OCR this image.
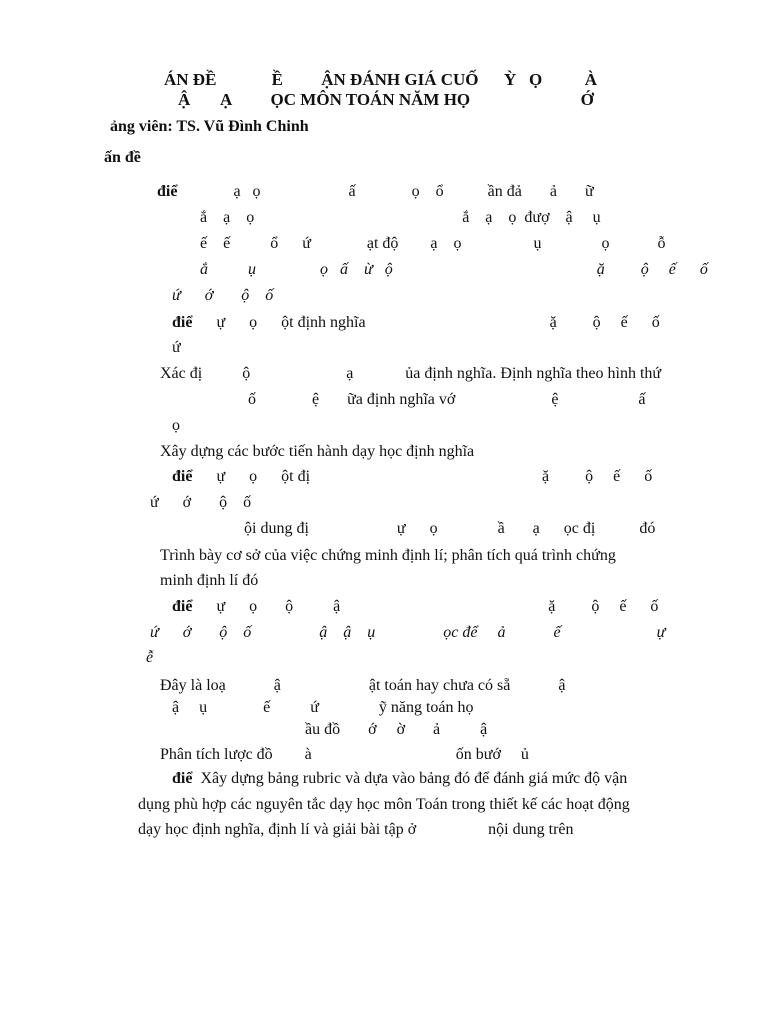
ÁN ĐỀ             Ề         ẬN ĐÁNH GIÁ CUỐ      Ỳ   Ọ          À
Ậ       Ạ         ỌC MÔN TOÁN NĂM HỌ                          Ớ
ảng viên: TS. Vũ Đình Chinh
ấn đề
điể              ạ   ọ                      ấ              ọ    ổ           ần đả       ả       ữ
ắ    ạ    ọ                                                    ắ    ạ    ọ  đượ    ậ     ụ
ế    ế          ổ      ứ              ạt độ        ạ    ọ                  ụ               ọ            ỗ
ắ          ụ                ọ   ấ    ừ   ộ                                                   ặ         ộ     ế      ố
ứ      ớ       ộ    ố
điể      ự      ọ      ột định nghĩa                                              ặ         ộ     ế      ố
ứ
Xác đị          ộ                        ạ             ủa định nghĩa. Định nghĩa theo hình thứ
ố              ệ       ữa định nghĩa vớ                        ệ                    ấ
ọ
Xây dựng các bước tiến hành dạy học định nghĩa
điể      ự      ọ      ột đị                                                          ặ         ộ     ế      ố
ứ      ớ       ộ    ố
ội dung đị                      ự      ọ               ầ       ạ      ọc đị           đó
Trình bày cơ sở của việc chứng minh định lí; phân tích quá trình chứng
minh định lí đó
điể      ự      ọ       ộ          ậ                                                    ặ         ộ     ế      ố
ứ      ớ       ộ    ố                 ậ    ậ    ụ                 ọc để     ả            ế                        ự
ễ
Đây là loạ            ậ                      ật toán hay chưa có sẵ            ậ
ậ     ụ              ế          ứ               ỹ năng toán họ
ầu đồ       ớ     ờ       ả          ậ
Phân tích lược đồ        à                                    ốn bướ     ủ
điể  Xây dựng bảng rubric và dựa vào bảng đó để đánh giá mức độ vận
dụng phù hợp các nguyên tắc dạy học môn Toán trong thiết kế các hoạt động
dạy học định nghĩa, định lí và giải bài tập ở                  nội dung trên
